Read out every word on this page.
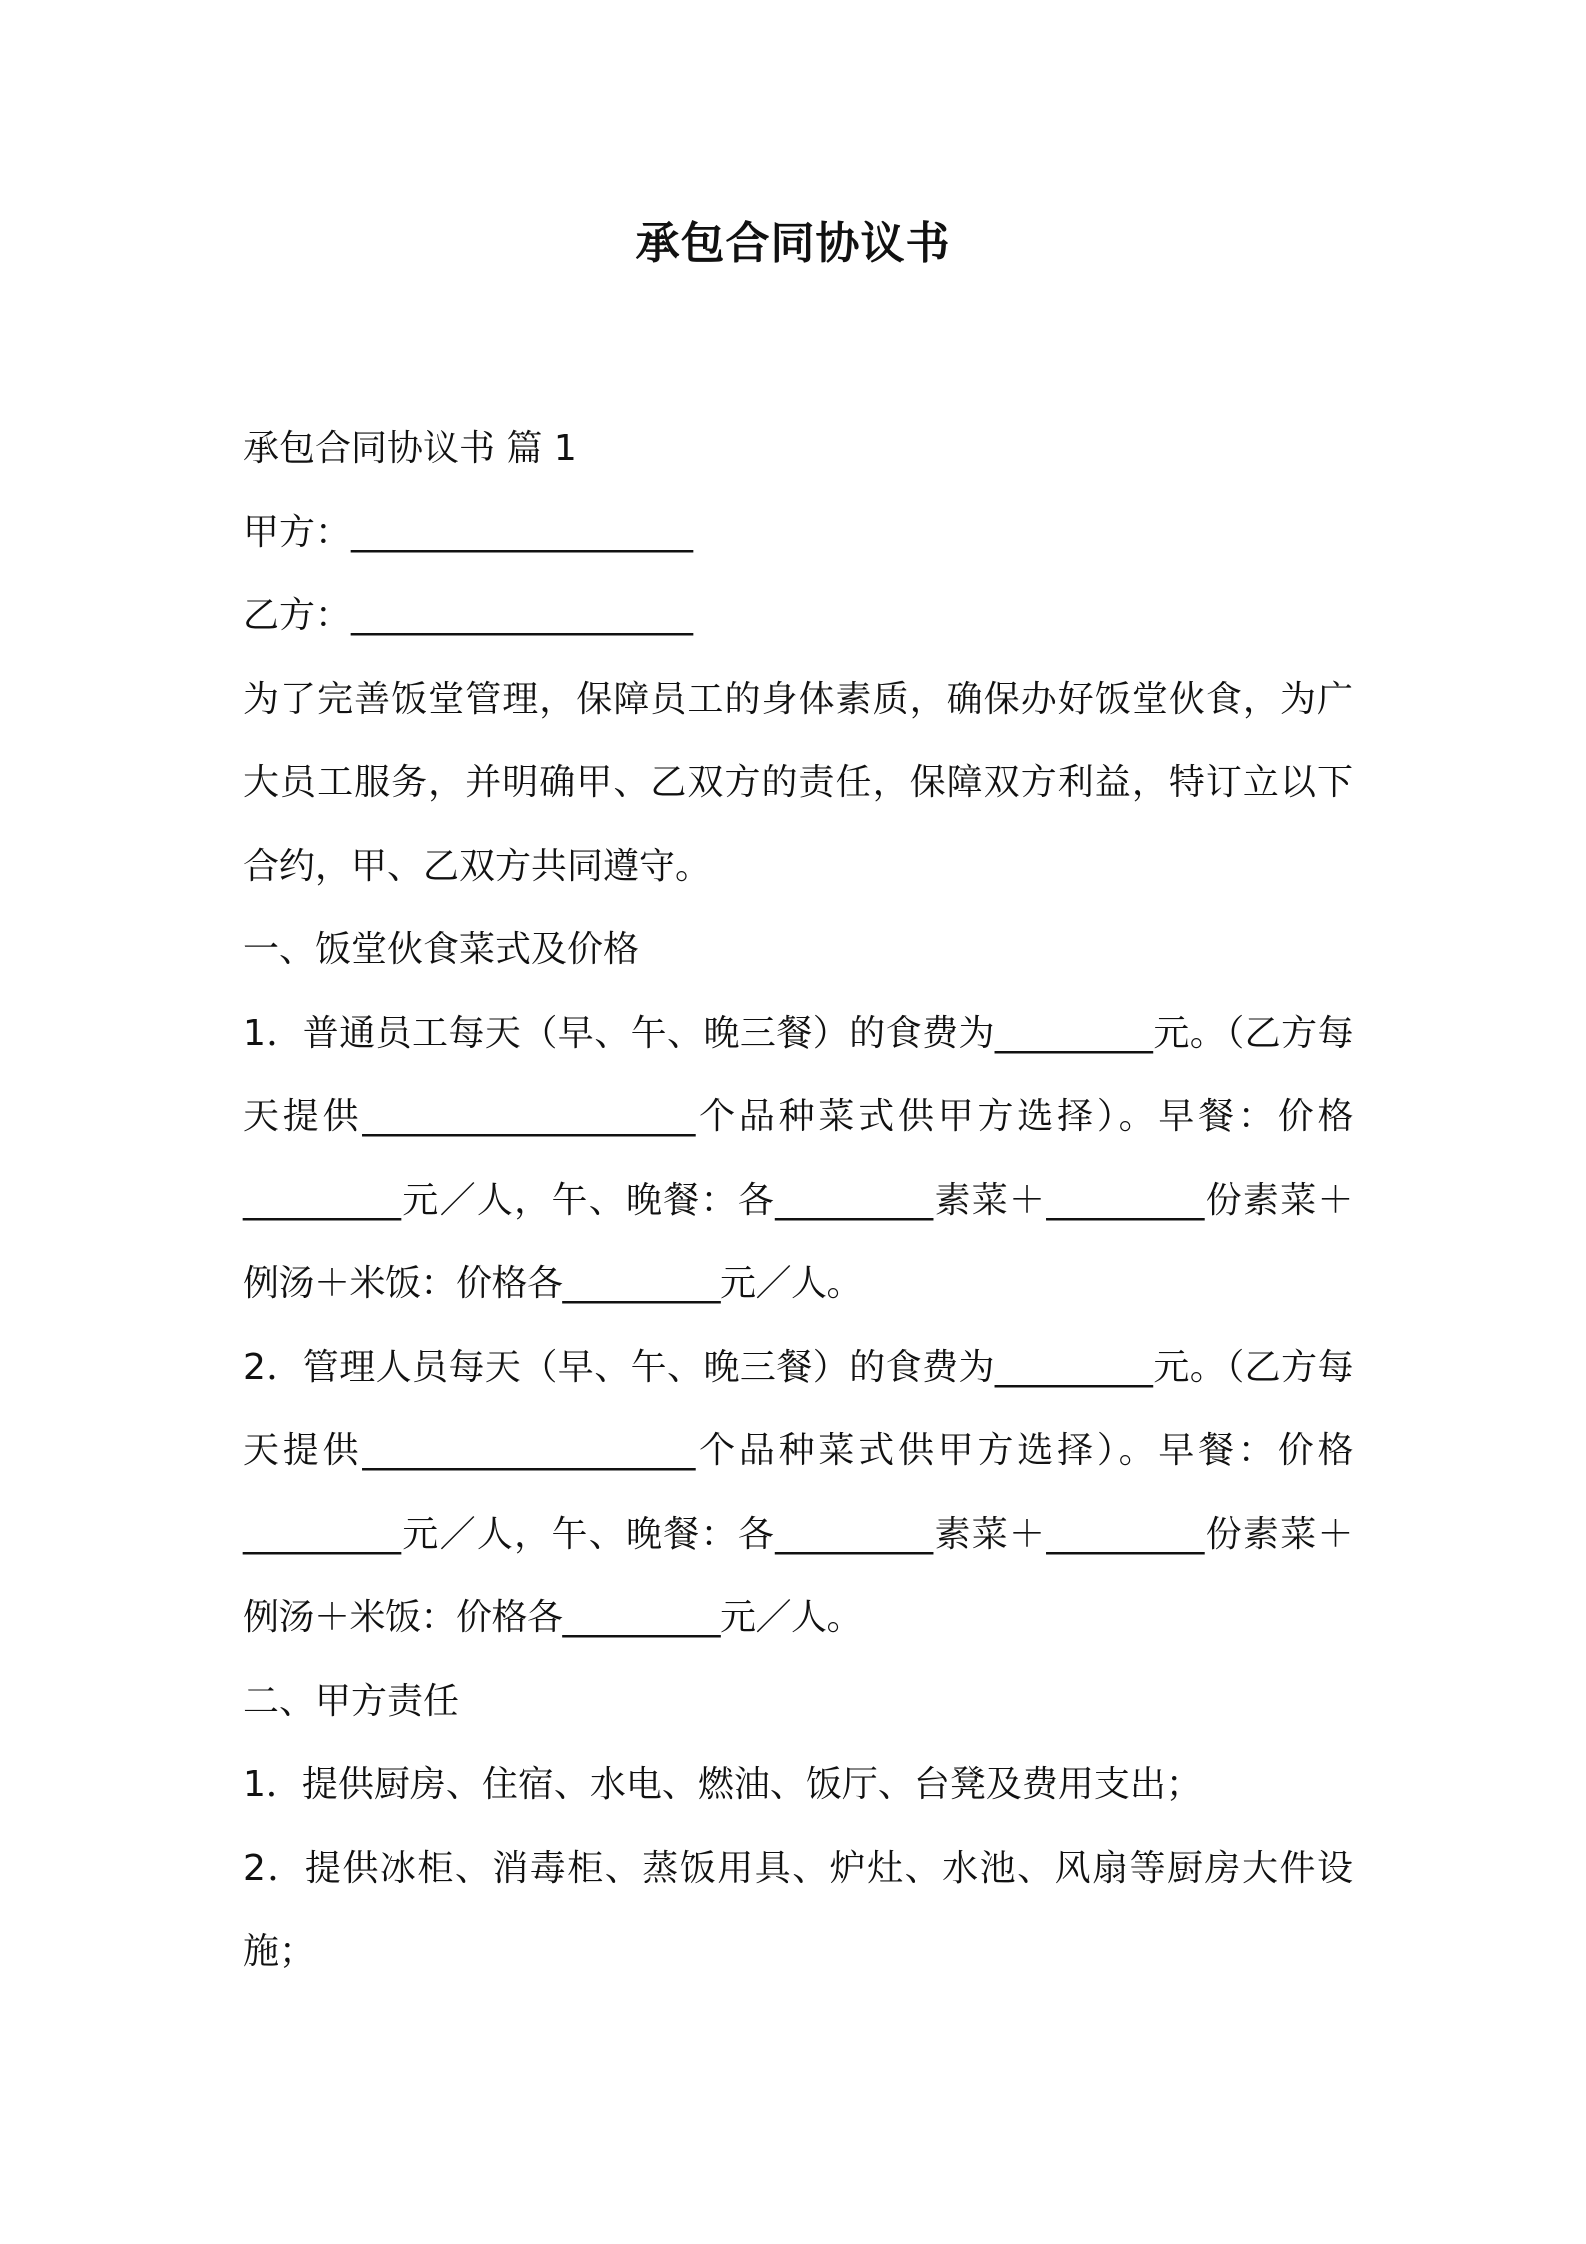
承包合同协议书
承包合同协议书 篇 1
甲方：___________________
乙方：___________________
为了完善饭堂管理，保障员工的身体素质，确保办好饭堂伙食，为广大员工服务，并明确甲、乙双方的责任，保障双方利益，特订立以下合约，甲、乙双方共同遵守。
一、饭堂伙食菜式及价格
1．普通员工每天（早、午、晚三餐）的食费为_________元。（乙方每天提供___________________个品种菜式供甲方选择）。早餐：价格_________元／人，午、晚餐：各_________素菜＋_________份素菜＋例汤＋米饭：价格各_________元／人。
2．管理人员每天（早、午、晚三餐）的食费为_________元。（乙方每天提供___________________个品种菜式供甲方选择）。早餐：价格_________元／人，午、晚餐：各_________素菜＋_________份素菜＋例汤＋米饭：价格各_________元／人。
二、甲方责任
1．提供厨房、住宿、水电、燃油、饭厅、台凳及费用支出；
2．提供冰柜、消毒柜、蒸饭用具、炉灶、水池、风扇等厨房大件设施；
